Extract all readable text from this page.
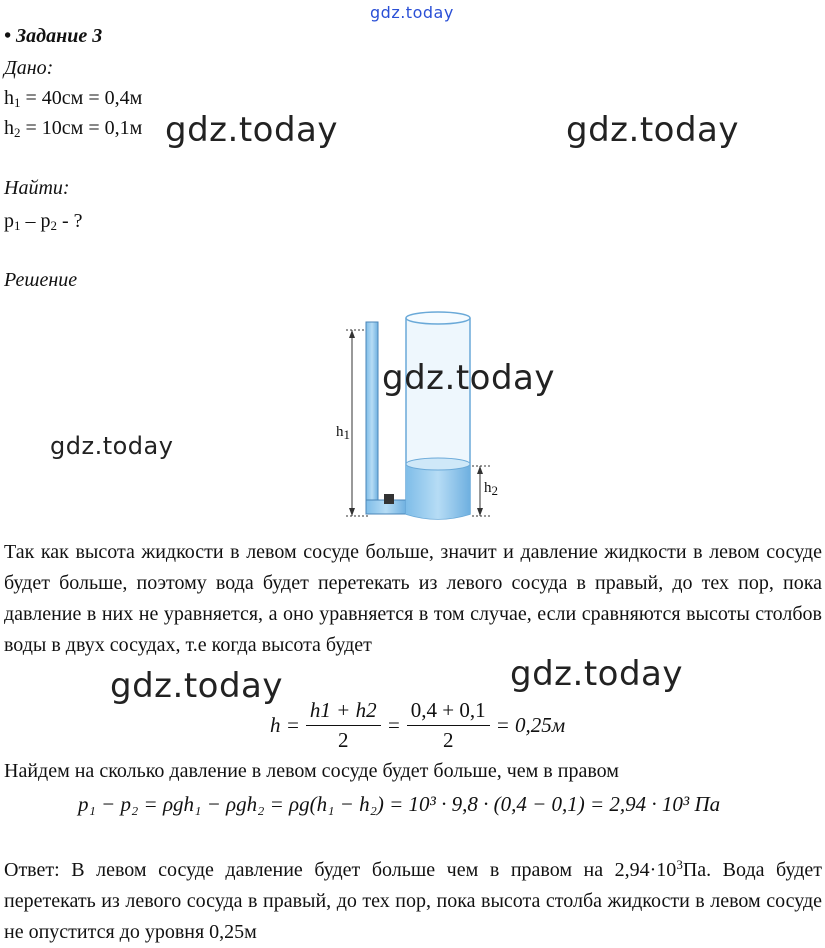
gdz.today
• Задание 3
Дано:
$h_1 = 40см = 0,4м$
$h_2 = 10см = 0,1м$ gdz.today	gdz.today
Найти:
$p_1 - p_2$ - ?
Решение
$h_1$
$h_2$
gdz.today
gdz.today
Так как высота жидкости в левом сосуде больше, значит и давление жидкости в левом сосуде будет больше, поэтому вода будет перетекать из левого сосуда в правый, до тех пор, пока давление в них не уравняется, а оно уравняется в том случае, если сравняются высоты столбов воды в двух сосудах, т.е когда высота будет
gdz.today	gdz.today
$h = \frac{h1 + h2}{2} = \frac{0,4 + 0,1}{2} = 0,25м$
Найдем на сколько давление в левом сосуде будет больше, чем в правом
p₁ − p₂ = ρgh₁ − ρgh₂ = ρg(h₁ − h₂) = 10³ · 9,8 · (0,4 − 0,1) = 2,94 · 10³ Па
Ответ: В левом сосуде давление будет больше чем в правом на $2,94\cdot 10^3Па$. Вода будет перетекать из левого сосуда в правый, до тех пор, пока высота столба жидкости в левом сосуде не опустится до уровня 0,25м
